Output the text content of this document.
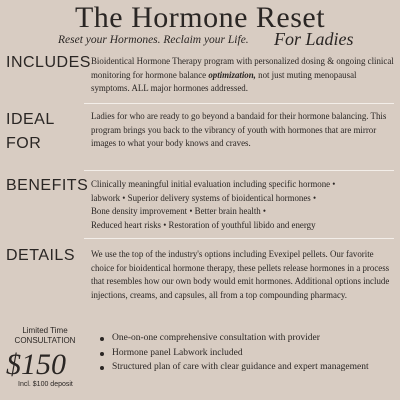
The Hormone Reset
Reset your Hormones. Reclaim your Life. For Ladies
INCLUDES Bioidentical Hormone Therapy program with personalized dosing & ongoing clinical monitoring for hormone balance optimization, not just muting menopausal symptoms. ALL major hormones addressed.
IDEAL
FOR
Ladies for who are ready to go beyond a bandaid for their hormone balancing. This program brings you back to the vibrancy of youth with hormones that are mirror images to what your body knows and craves.
BENEFITS Clinically meaningful initial evaluation including specific hormone •
labwork • Superior delivery systems of bioidentical hormones •
Bone density improvement • Better brain health •
Reduced heart risks • Restoration of youthful libido and energy
DETAILS We use the top of the industry's options including Evexipel pellets. Our favorite choice for bioidentical hormone therapy, these pellets release hormones in a process that resembles how our own body would emit hormones. Additional options include injections, creams, and capsules, all from a top compounding pharmacy.
Limited Time
CONSULTATION
$150
Incl. $100 deposit
One-on-one comprehensive consultation with provider
Hormone panel Labwork included
Structured plan of care with clear guidance and expert management
